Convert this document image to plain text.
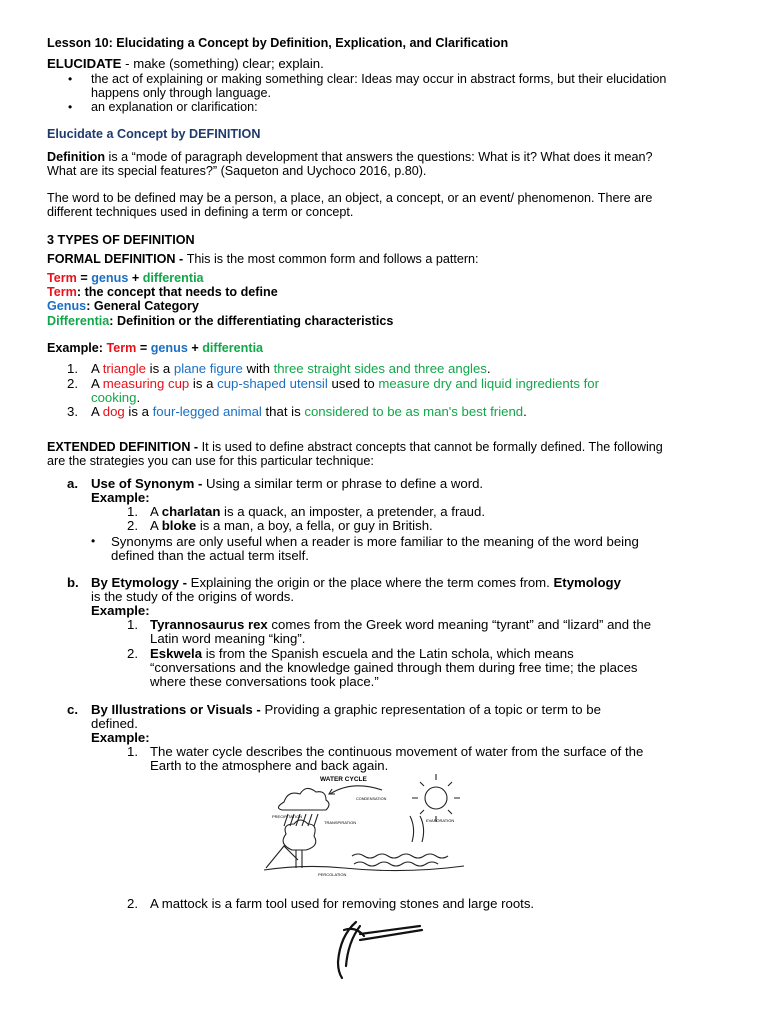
Lesson 10: Elucidating a Concept by Definition, Explication, and Clarification
ELUCIDATE - make (something) clear; explain.
• the act of explaining or making something clear: Ideas may occur in abstract forms, but their elucidation
happens only through language.
• an explanation or clarification:
Elucidate a Concept by DEFINITION
Definition is a “mode of paragraph development that answers the questions: What is it? What does it mean?
What are its special features?” (Saqueton and Uychoco 2016, p.80).
The word to be defined may be a person, a place, an object, a concept, or an event/ phenomenon. There are
different techniques used in defining a term or concept.
3 TYPES OF DEFINITION
FORMAL DEFINITION - This is the most common form and follows a pattern:
Term = genus + differentia
Term: the concept that needs to define
Genus: General Category
Differentia: Definition or the differentiating characteristics
Example: Term = genus + differentia
1. A triangle is a plane figure with three straight sides and three angles.
2. A measuring cup is a cup-shaped utensil used to measure dry and liquid ingredients for
cooking.
3. A dog is a four-legged animal that is considered to be as man's best friend.
EXTENDED DEFINITION - It is used to define abstract concepts that cannot be formally defined. The following
are the strategies you can use for this particular technique:
a. Use of Synonym - Using a similar term or phrase to define a word.
Example:
1. A charlatan is a quack, an imposter, a pretender, a fraud.
2. A bloke is a man, a boy, a fella, or guy in British.
• Synonyms are only useful when a reader is more familiar to the meaning of the word being
defined than the actual term itself.
b. By Etymology - Explaining the origin or the place where the term comes from. Etymology
is the study of the origins of words.
Example:
1. Tyrannosaurus rex comes from the Greek word meaning “tyrant” and “lizard” and the
Latin word meaning “king”.
2. Eskwela is from the Spanish escuela and the Latin schola, which means
“conversations and the knowledge gained through them during free time; the places
where these conversations took place.”
c. By Illustrations or Visuals - Providing a graphic representation of a topic or term to be
defined.
Example:
1. The water cycle describes the continuous movement of water from the surface of the
Earth to the atmosphere and back again.
WATER CYCLE
CONDENSATION
PRECIPITATION
TRANSPIRATION	EVAPORATION
PERCOLATION
2. A mattock is a farm tool used for removing stones and large roots.
